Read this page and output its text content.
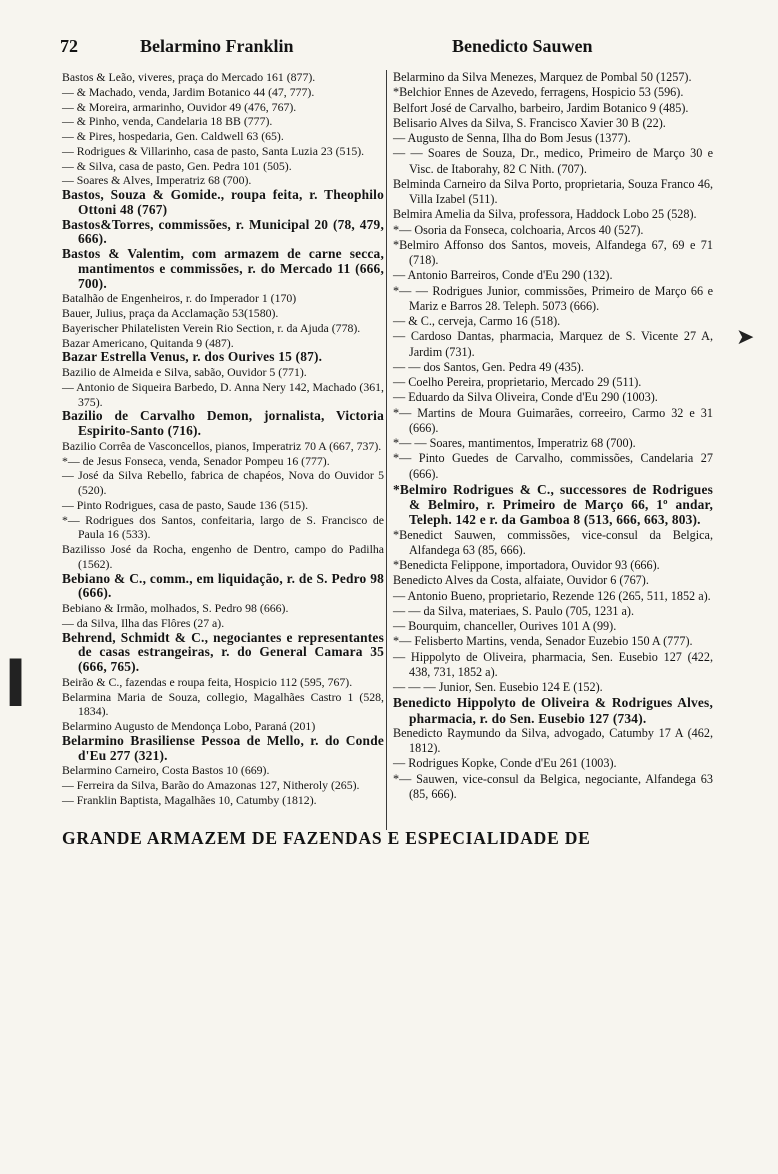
72	Belarmino Franklin	Benedicto Sauwen

Bastos & Leão, viveres, praça do Mercado 161 (877).

— & Machado, venda, Jardim Botanico 44 (47, 777).

— & Moreira, armarinho, Ouvidor 49 (476, 767).

— & Pinho, venda, Candelaria 18 BB (777).

— & Pires, hospedaria, Gen. Caldwell 63 (65).

— Rodrigues & Villarinho, casa de pasto, Santa Luzia 23 (515).

— & Silva, casa de pasto, Gen. Pedra 101 (505).

— Soares & Alves, Imperatriz 68 (700).

Bastos, Souza & Gomide., roupa feita, r. Theophilo Ottoni 48 (767)

Bastos&Torres, commissões, r. Municipal 20 (78, 479, 666).

Bastos & Valentim, com armazem de carne secca, mantimentos e commissões, r. do Mercado 11 (666, 700).

Batalhão de Engenheiros, r. do Imperador 1 (170)

Bauer, Julius, praça da Acclamação 53(1580).

Bayerischer Philatelisten Verein Rio Section, r. da Ajuda (778).

Bazar Americano, Quitanda 9 (487).

Bazar Estrella Venus, r. dos Ourives 15 (87).

Bazilio de Almeida e Silva, sabão, Ouvidor 5 (771).

— Antonio de Siqueira Barbedo, D. Anna Nery 142, Machado (361, 375).

Bazilio de Carvalho Demon, jornalista, Victoria Espirito-Santo (716).

Bazilio Corrêa de Vasconcellos, pianos, Imperatriz 70 A (667, 737).

*— de Jesus Fonseca, venda, Senador Pompeu 16 (777).

— José da Silva Rebello, fabrica de chapéos, Nova do Ouvidor 5 (520).

— Pinto Rodrigues, casa de pasto, Saude 136 (515).

*— Rodrigues dos Santos, confeitaria, largo de S. Francisco de Paula 16 (533).

Bazilisso José da Rocha, engenho de Dentro, campo do Padilha (1562).

Bebiano & C., comm., em liquidação, r. de S. Pedro 98 (666).

Bebiano & Irmão, molhados, S. Pedro 98 (666).

— da Silva, Ilha das Flôres (27 a).

Behrend, Schmidt & C., negociantes e representantes de casas estrangeiras, r. do General Camara 35 (666, 765).

Beirão & C., fazendas e roupa feita, Hospicio 112 (595, 767).

Belarmina Maria de Souza, collegio, Magalhães Castro 1 (528, 1834).

Belarmino Augusto de Mendonça Lobo, Paraná (201)

Belarmino Brasiliense Pessoa de Mello, r. do Conde d'Eu 277 (321).

Belarmino Carneiro, Costa Bastos 10 (669).

— Ferreira da Silva, Barão do Amazonas 127, Nitheroly (265).

— Franklin Baptista, Magalhães 10, Catumby (1812).

Belarmino da Silva Menezes, Marquez de Pombal 50 (1257).

*Belchior Ennes de Azevedo, ferragens, Hospicio 53 (596).

Belfort José de Carvalho, barbeiro, Jardim Botanico 9 (485).

Belisario Alves da Silva, S. Francisco Xavier 30 B (22).

— Augusto de Senna, Ilha do Bom Jesus (1377).

— — Soares de Souza, Dr., medico, Primeiro de Março 30 e Visc. de Itaborahy, 82 C Nith. (707).

Belminda Carneiro da Silva Porto, proprietaria, Souza Franco 46, Villa Izabel (511).

Belmira Amelia da Silva, professora, Haddock Lobo 25 (528).

*— Osoria da Fonseca, colchoaria, Arcos 40 (527).

*Belmiro Affonso dos Santos, moveis, Alfandega 67, 69 e 71 (718).

— Antonio Barreiros, Conde d'Eu 290 (132).

*— — Rodrigues Junior, commissões, Primeiro de Março 66 e Mariz e Barros 28. Teleph. 5073 (666).

— & C., cerveja, Carmo 16 (518).

— Cardoso Dantas, pharmacia, Marquez de S. Vicente 27 A, Jardim (731).

— — dos Santos, Gen. Pedra 49 (435).

— Coelho Pereira, proprietario, Mercado 29 (511).

— Eduardo da Silva Oliveira, Conde d'Eu 290 (1003).

*— Martins de Moura Guimarães, correeiro, Carmo 32 e 31 (666).

*— — Soares, mantimentos, Imperatriz 68 (700).

*— Pinto Guedes de Carvalho, commissões, Candelaria 27 (666).

*Belmiro Rodrigues & C., successores de Rodrigues & Belmiro, r. Primeiro de Março 66, 1º andar, Teleph. 142 e r. da Gamboa 8 (513, 666, 663, 803).

*Benedict Sauwen, commissões, vice-consul da Belgica, Alfandega 63 (85, 666).

*Benedicta Felippone, importadora, Ouvidor 93 (666).

Benedicto Alves da Costa, alfaiate, Ouvidor 6 (767).

— Antonio Bueno, proprietario, Rezende 126 (265, 511, 1852 a).

— — da Silva, materiaes, S. Paulo (705, 1231 a).

— Bourquim, chanceller, Ourives 101 A (99).

*— Felisberto Martins, venda, Senador Euzebio 150 A (777).

— Hippolyto de Oliveira, pharmacia, Sen. Eusebio 127 (422, 438, 731, 1852 a).

— — — Junior, Sen. Eusebio 124 E (152).

Benedicto Hippolyto de Oliveira & Rodrigues Alves, pharmacia, r. do Sen. Eusebio 127 (734).

Benedicto Raymundo da Silva, advogado, Catumby 17 A (462, 1812).

— Rodrigues Kopke, Conde d'Eu 261 (1003).

*— Sauwen, vice-consul da Belgica, negociante, Alfandega 63 (85, 666).

GRANDE ARMAZEM DE FAZENDAS E ESPECIALIDADE DE
➤
▍
